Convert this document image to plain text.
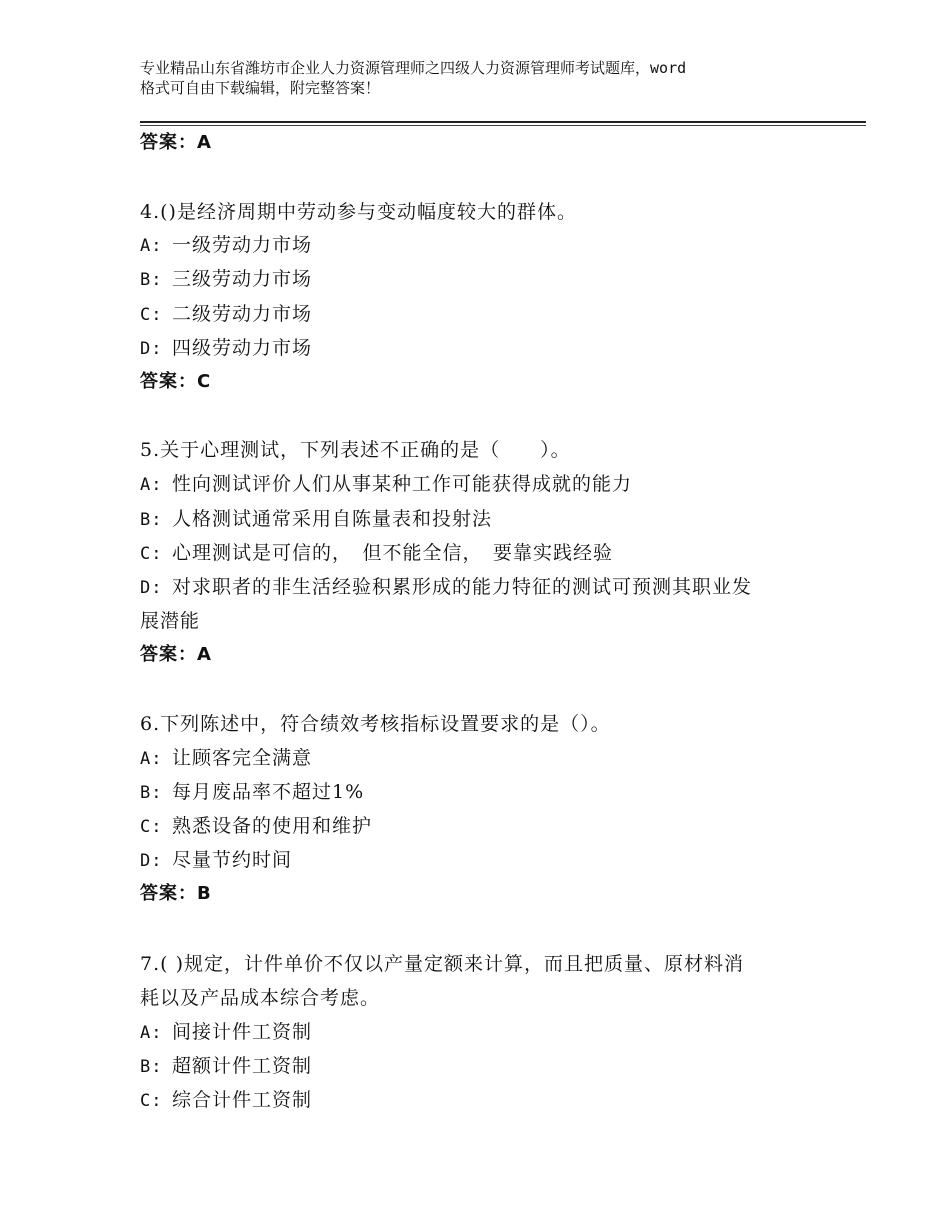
专业精品山东省潍坊市企业人力资源管理师之四级人力资源管理师考试题库，word
格式可自由下载编辑，附完整答案！
答案：A
4.()是经济周期中劳动参与变动幅度较大的群体。
A: 一级劳动力市场
B: 三级劳动力市场
C: 二级劳动力市场
D: 四级劳动力市场
答案：C
5.关于心理测试，下列表述不正确的是（　　）。
A: 性向测试评价人们从事某种工作可能获得成就的能力
B: 人格测试通常采用自陈量表和投射法
C: 心理测试是可信的，　但不能全信，　要靠实践经验
D: 对求职者的非生活经验积累形成的能力特征的测试可预测其职业发
展潜能
答案：A
6.下列陈述中，符合绩效考核指标设置要求的是（）。
A: 让顾客完全满意
B: 每月废品率不超过1%
C: 熟悉设备的使用和维护
D: 尽量节约时间
答案：B
7.( )规定，计件单价不仅以产量定额来计算，而且把质量、原材料消
耗以及产品成本综合考虑。
A: 间接计件工资制
B: 超额计件工资制
C: 综合计件工资制
